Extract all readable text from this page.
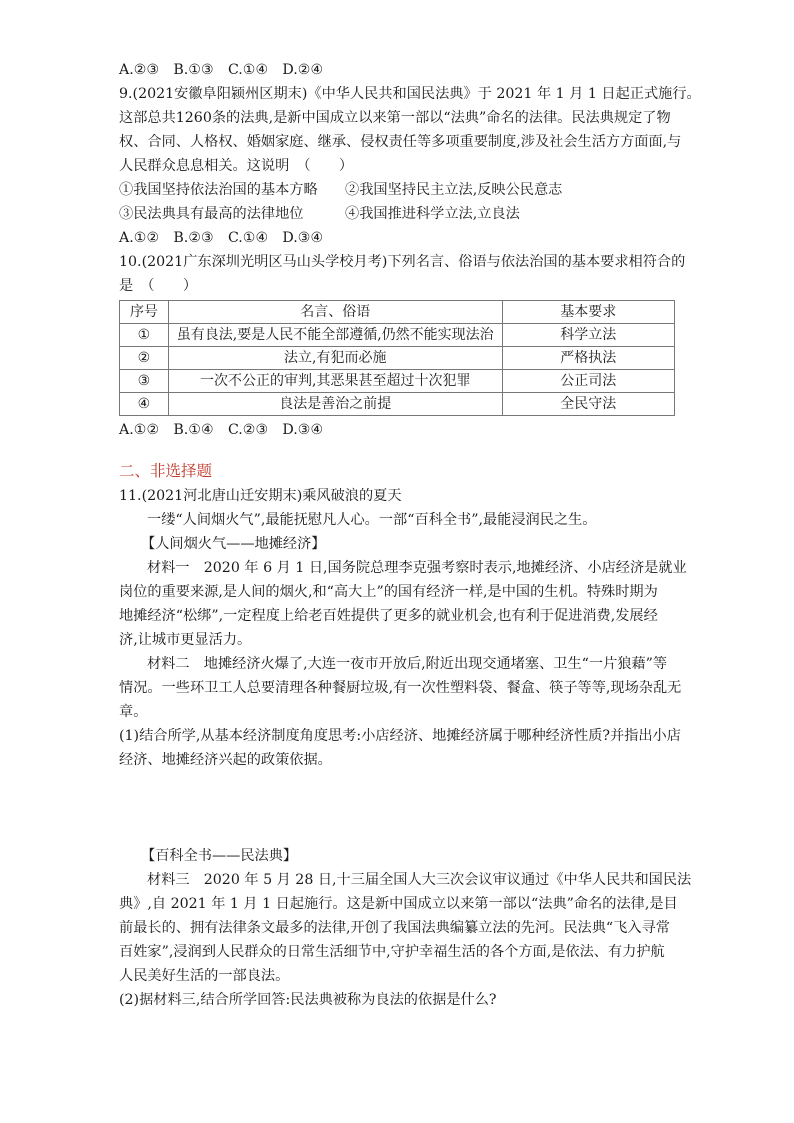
A.②③　B.①③　C.①④　D.②④
9.(2021安徽阜阳颍州区期末)《中华人民共和国民法典》于 2021 年 1 月 1 日起正式施行。
这部总共1260条的法典,是新中国成立以来第一部以“法典”命名的法律。民法典规定了物
权、合同、人格权、婚姻家庭、继承、侵权责任等多项重要制度,涉及社会生活方方面面,与
人民群众息息相关。这说明　（　　）
①我国坚持依法治国的基本方略 ②我国坚持民主立法,反映公民意志
③民法典具有最高的法律地位	④我国推进科学立法,立良法
A.①②　B.②③　C.①④　D.③④
10.(2021广东深圳光明区马山头学校月考)下列名言、俗语与依法治国的基本要求相符合的
是　（　　）
序号	名言、俗语	基本要求
①	虽有良法,要是人民不能全部遵循,仍然不能实现法治	科学立法
②	法立,有犯而必施	严格执法
③	一次不公正的审判,其恶果甚至超过十次犯罪	公正司法
④	良法是善治之前提	全民守法
A.①②　B.①④　C.②③　D.③④
二、非选择题
11.(2021河北唐山迁安期末)乘风破浪的夏天
一缕“人间烟火气”,最能抚慰凡人心。一部“百科全书”,最能浸润民之生。
【人间烟火气——地摊经济】
材料一　2020 年 6 月 1 日,国务院总理李克强考察时表示,地摊经济、小店经济是就业
岗位的重要来源,是人间的烟火,和“高大上”的国有经济一样,是中国的生机。特殊时期为
地摊经济“松绑”,一定程度上给老百姓提供了更多的就业机会,也有利于促进消费,发展经
济,让城市更显活力。
材料二　地摊经济火爆了,大连一夜市开放后,附近出现交通堵塞、卫生“一片狼藉”等
情况。一些环卫工人总要清理各种餐厨垃圾,有一次性塑料袋、餐盒、筷子等等,现场杂乱无
章。
(1)结合所学,从基本经济制度角度思考:小店经济、地摊经济属于哪种经济性质?并指出小店
经济、地摊经济兴起的政策依据。
【百科全书——民法典】
材料三　2020 年 5 月 28 日,十三届全国人大三次会议审议通过《中华人民共和国民法
典》,自 2021 年 1 月 1 日起施行。这是新中国成立以来第一部以“法典”命名的法律,是目
前最长的、拥有法律条文最多的法律,开创了我国法典编纂立法的先河。民法典“飞入寻常
百姓家”,浸润到人民群众的日常生活细节中,守护幸福生活的各个方面,是依法、有力护航
人民美好生活的一部良法。
(2)据材料三,结合所学回答:民法典被称为良法的依据是什么?
